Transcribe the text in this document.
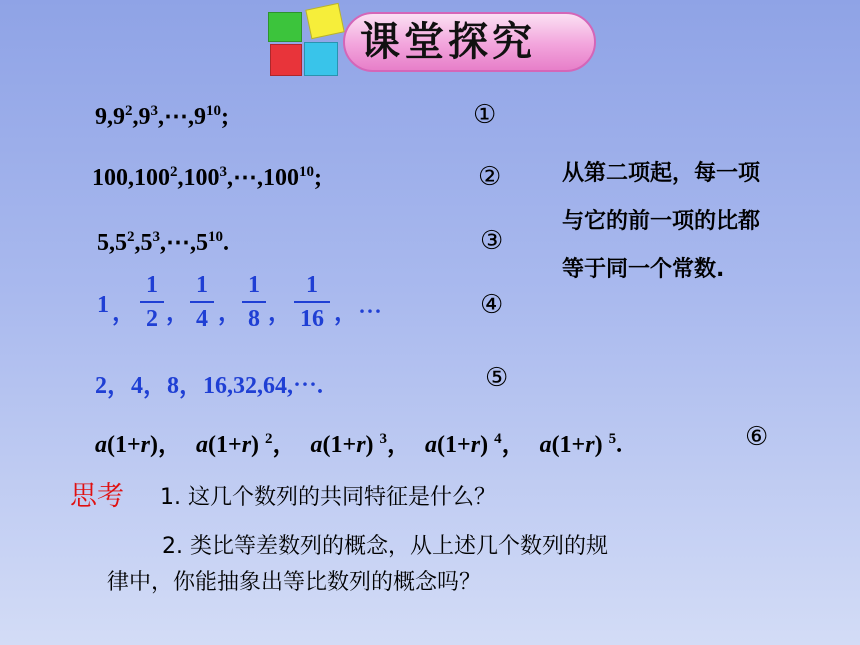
课堂探究
$9,9^2,9^3,\cdots,9^{10}$;	①
100,100$^2$,100$^3$,⋯,100$^{10}$;	②
$5,5^2,5^3,\cdots,5^{10}$.	③
从第二项起，每一项
与它的前一项的比都
等于同一个常数.
1 ，
1
2 ，
1
4 ，
1
8 ，
1
16 ，⋯	④
2，4，8，16,32,64,⋯.	⑤
a(1+r)， a(1+r) $^2$， a(1+r) $^3$， a(1+r) $^4$， a(1+r) $^5$.	⑥
思考 1. 这几个数列的共同特征是什么？
2. 类比等差数列的概念，从上述几个数列的规
律中，你能抽象出等比数列的概念吗？
